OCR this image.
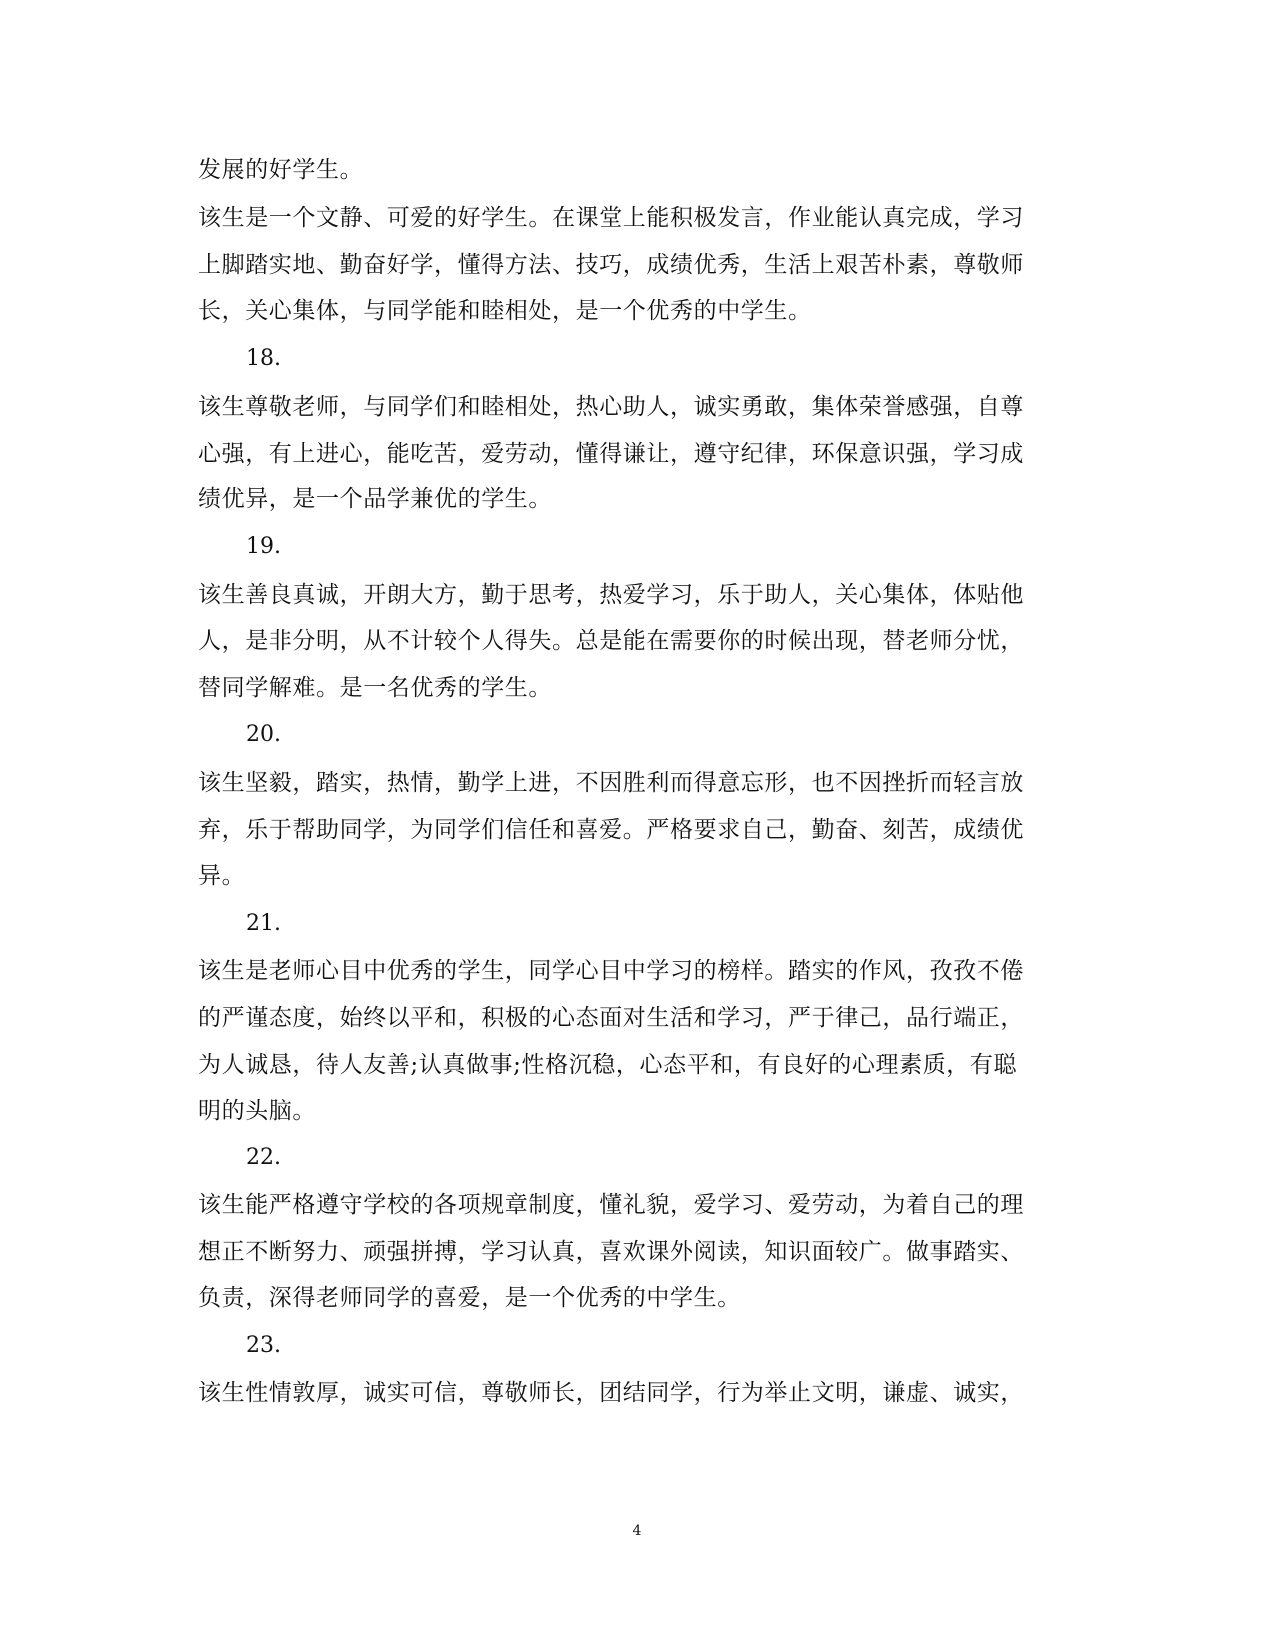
发展的好学生。
该生是一个文静、可爱的好学生。在课堂上能积极发言，作业能认真完成，学习
上脚踏实地、勤奋好学，懂得方法、技巧，成绩优秀，生活上艰苦朴素，尊敬师
长，关心集体，与同学能和睦相处，是一个优秀的中学生。
18.
该生尊敬老师，与同学们和睦相处，热心助人，诚实勇敢，集体荣誉感强，自尊
心强，有上进心，能吃苦，爱劳动，懂得谦让，遵守纪律，环保意识强，学习成
绩优异，是一个品学兼优的学生。
19.
该生善良真诚，开朗大方，勤于思考，热爱学习，乐于助人，关心集体，体贴他
人，是非分明，从不计较个人得失。总是能在需要你的时候出现，替老师分忧，
替同学解难。是一名优秀的学生。
20.
该生坚毅，踏实，热情，勤学上进，不因胜利而得意忘形，也不因挫折而轻言放
弃，乐于帮助同学，为同学们信任和喜爱。严格要求自己，勤奋、刻苦，成绩优
异。
21.
该生是老师心目中优秀的学生，同学心目中学习的榜样。踏实的作风，孜孜不倦
的严谨态度，始终以平和，积极的心态面对生活和学习，严于律己，品行端正，
为人诚恳，待人友善;认真做事;性格沉稳，心态平和，有良好的心理素质，有聪
明的头脑。
22.
该生能严格遵守学校的各项规章制度，懂礼貌，爱学习、爱劳动，为着自己的理
想正不断努力、顽强拼搏，学习认真，喜欢课外阅读，知识面较广。做事踏实、
负责，深得老师同学的喜爱，是一个优秀的中学生。
23.
该生性情敦厚，诚实可信，尊敬师长，团结同学，行为举止文明，谦虚、诚实，
4
